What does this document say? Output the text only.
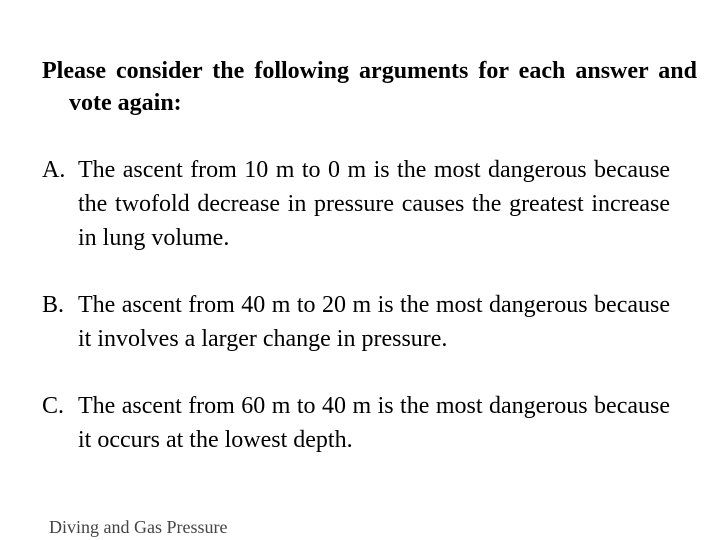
Please consider the following arguments for each answer and vote again:

A. The ascent from 10 m to 0 m is the most dangerous because the twofold decrease in pressure causes the greatest increase in lung volume.
B. The ascent from 40 m to 20 m is the most dangerous because it involves a larger change in pressure.
C. The ascent from 60 m to 40 m is the most dangerous because it occurs at the lowest depth.
Diving and Gas Pressure
